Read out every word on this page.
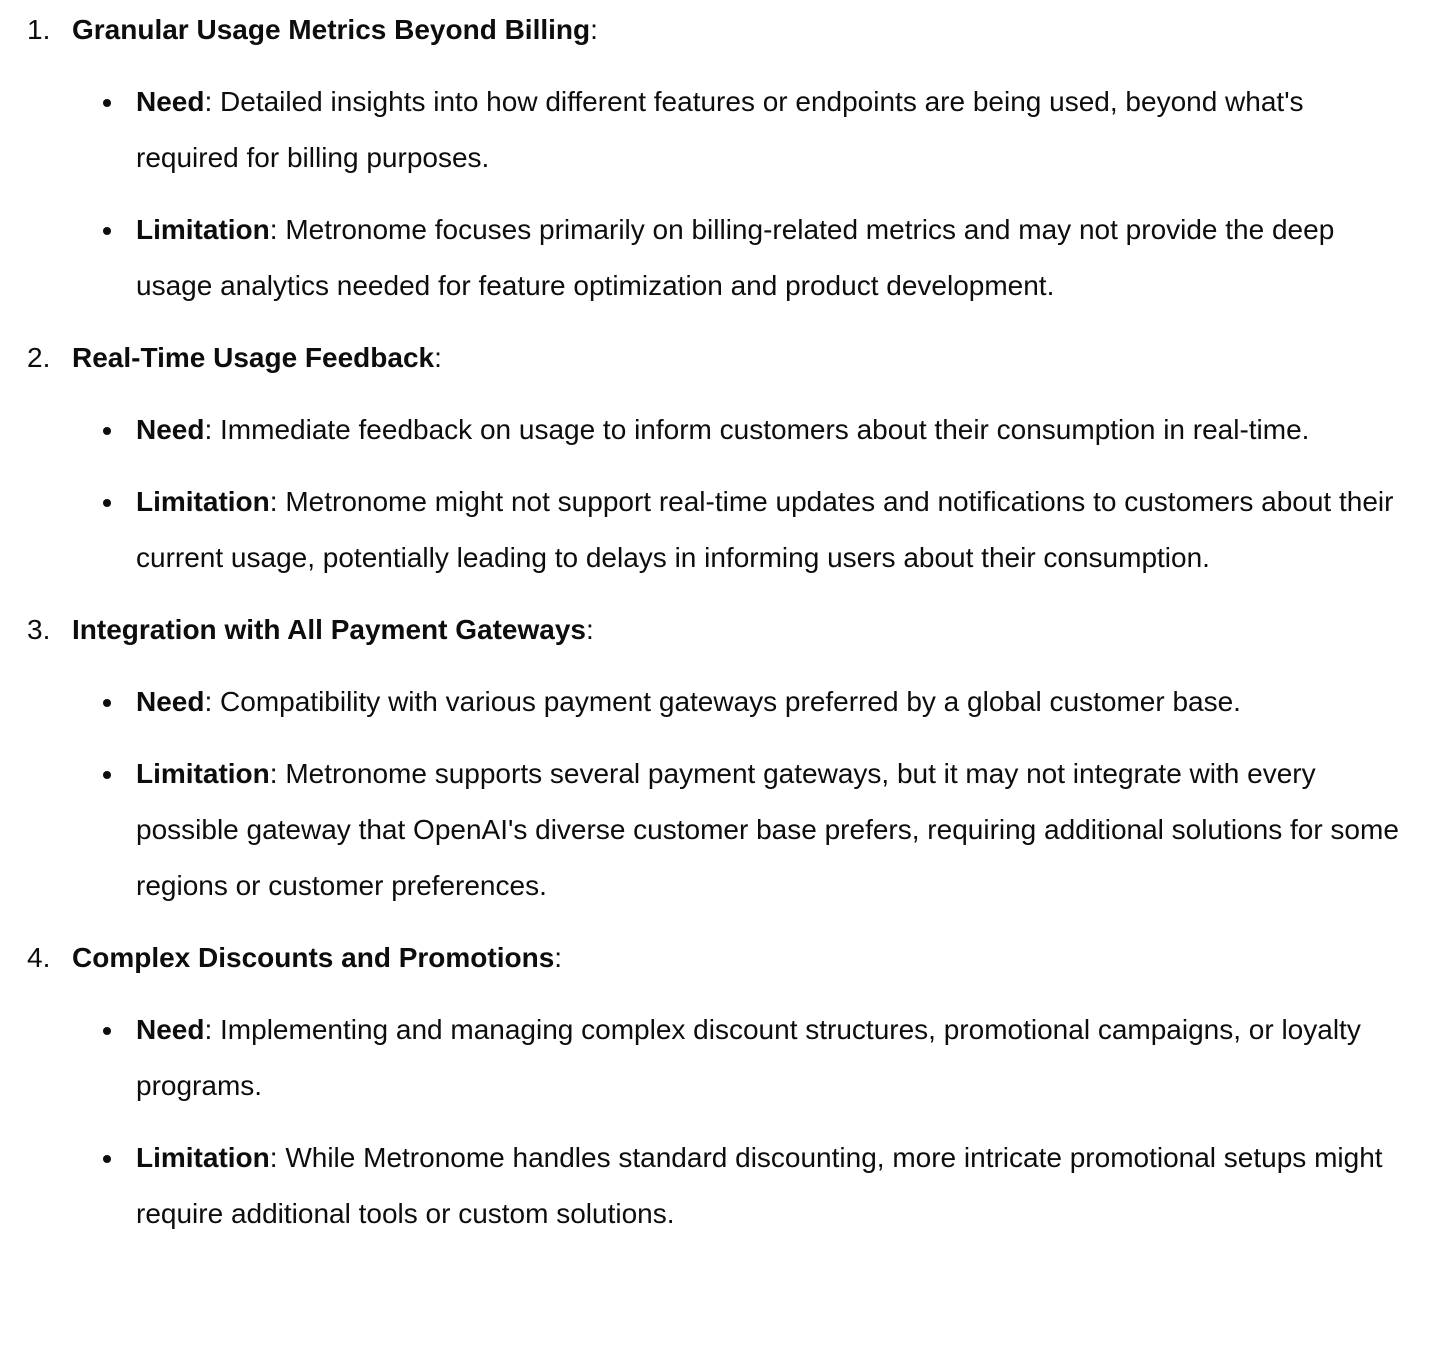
1. Granular Usage Metrics Beyond Billing:
Need: Detailed insights into how different features or endpoints are being used, beyond what's required for billing purposes.
Limitation: Metronome focuses primarily on billing-related metrics and may not provide the deep usage analytics needed for feature optimization and product development.
2. Real-Time Usage Feedback:
Need: Immediate feedback on usage to inform customers about their consumption in real-time.
Limitation: Metronome might not support real-time updates and notifications to customers about their current usage, potentially leading to delays in informing users about their consumption.
3. Integration with All Payment Gateways:
Need: Compatibility with various payment gateways preferred by a global customer base.
Limitation: Metronome supports several payment gateways, but it may not integrate with every possible gateway that OpenAI's diverse customer base prefers, requiring additional solutions for some regions or customer preferences.
4. Complex Discounts and Promotions:
Need: Implementing and managing complex discount structures, promotional campaigns, or loyalty programs.
Limitation: While Metronome handles standard discounting, more intricate promotional setups might require additional tools or custom solutions.
